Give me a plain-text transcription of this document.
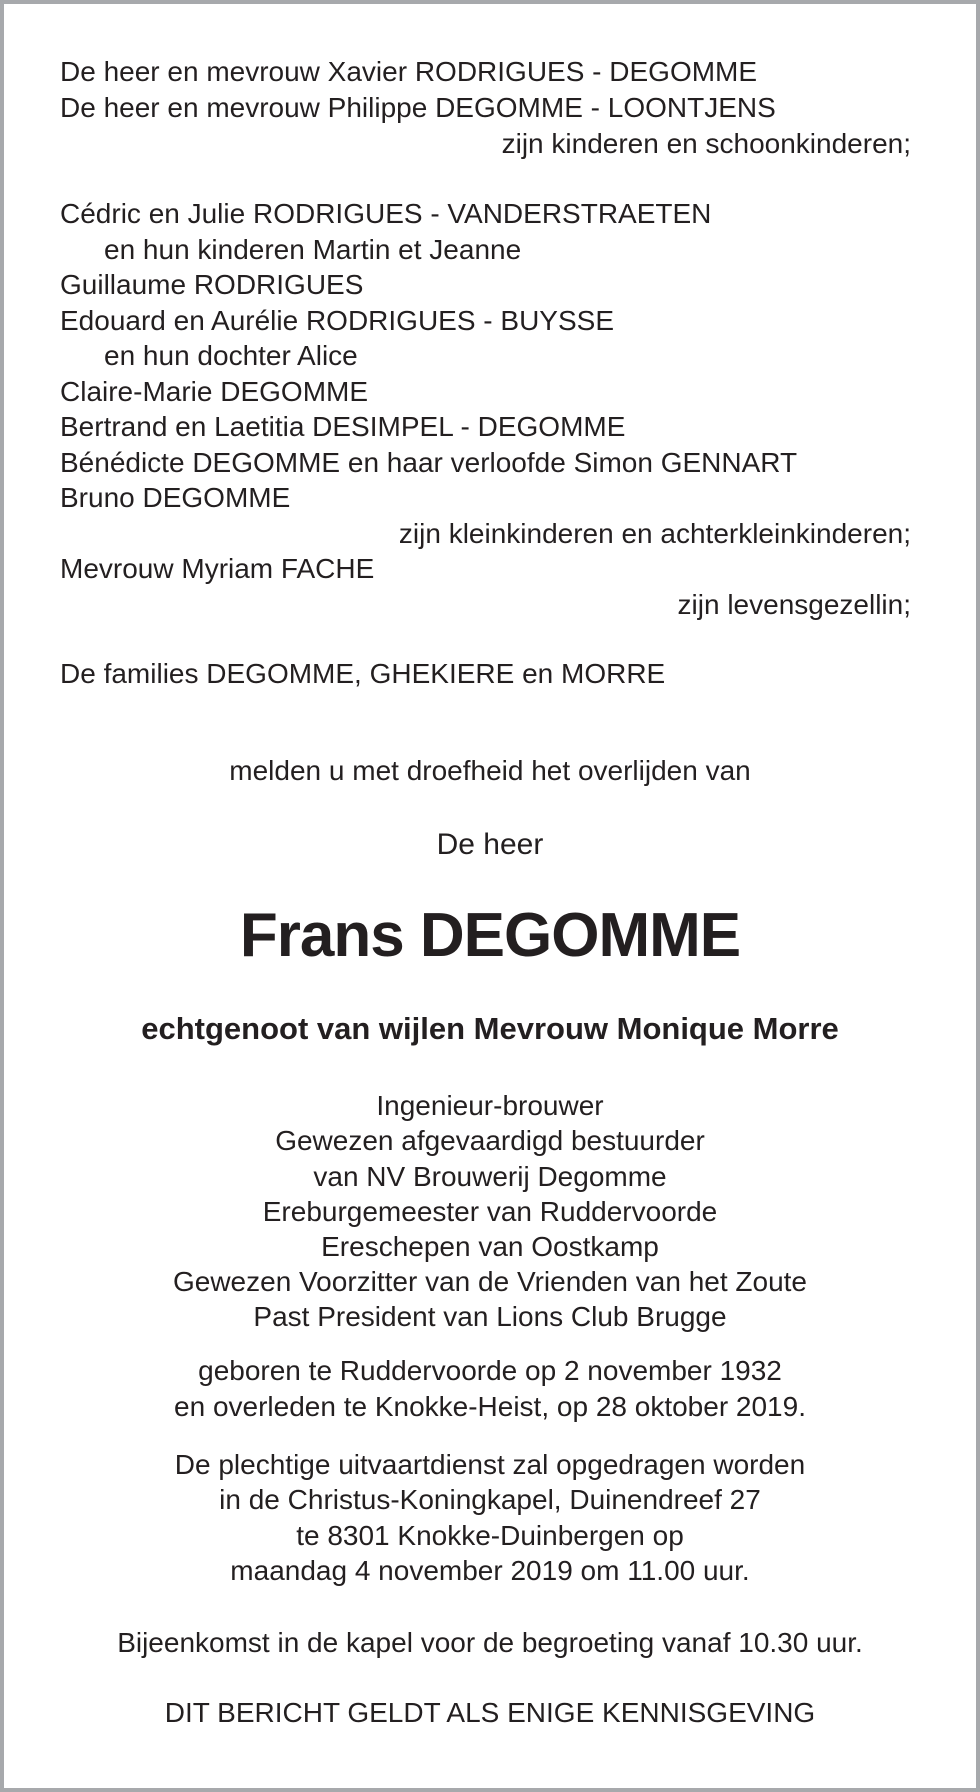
De heer en mevrouw Xavier RODRIGUES - DEGOMME
De heer en mevrouw Philippe DEGOMME - LOONTJENS
zijn kinderen en schoonkinderen;
Cédric en Julie RODRIGUES - VANDERSTRAETEN
en hun kinderen Martin et Jeanne
Guillaume RODRIGUES
Edouard en Aurélie RODRIGUES - BUYSSE
en hun dochter Alice
Claire-Marie DEGOMME
Bertrand en Laetitia DESIMPEL - DEGOMME
Bénédicte DEGOMME en haar verloofde Simon GENNART
Bruno DEGOMME
zijn kleinkinderen en achterkleinkinderen;
Mevrouw Myriam FACHE
zijn levensgezellin;
De families DEGOMME, GHEKIERE en MORRE
melden u met droefheid het overlijden van
De heer
Frans DEGOMME
echtgenoot van wijlen Mevrouw Monique Morre
Ingenieur-brouwer
Gewezen afgevaardigd bestuurder
van NV Brouwerij Degomme
Ereburgemeester van Ruddervoorde
Ereschepen van Oostkamp
Gewezen Voorzitter van de Vrienden van het Zoute
Past President van Lions Club Brugge
geboren te Ruddervoorde op 2 november 1932
en overleden te Knokke-Heist, op 28 oktober 2019.
De plechtige uitvaartdienst zal opgedragen worden
in de Christus-Koningkapel, Duinendreef 27
te 8301 Knokke-Duinbergen op
maandag 4 november 2019 om 11.00 uur.
Bijeenkomst in de kapel voor de begroeting vanaf 10.30 uur.
DIT BERICHT GELDT ALS ENIGE KENNISGEVING
